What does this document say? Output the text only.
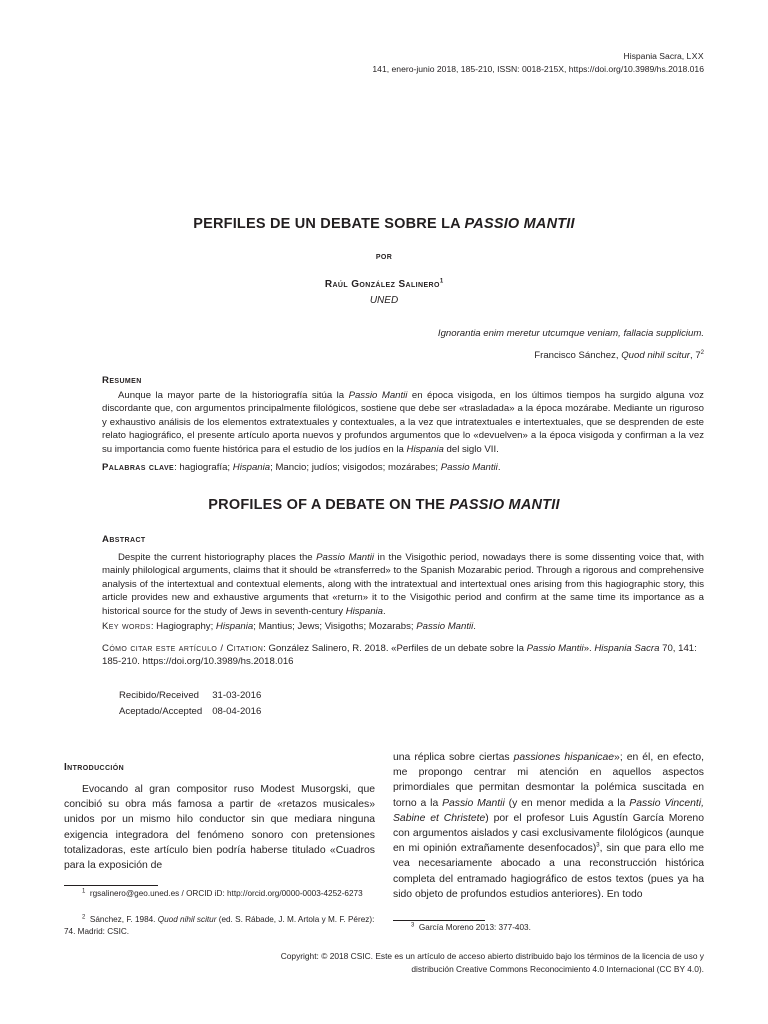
Hispania Sacra, LXX
141, enero-junio 2018, 185-210, ISSN: 0018-215X, https://doi.org/10.3989/hs.2018.016
PERFILES DE UN DEBATE SOBRE LA PASSIO MANTII
por
Raúl González Salinero$^1$
UNED
Ignorantia enim meretur utcumque veniam, fallacia supplicium.
Francisco Sánchez, Quod nihil scitur, $7^2$
Resumen

Aunque la mayor parte de la historiografía sitúa la Passio Mantii en época visigoda, en los últimos tiempos ha surgido alguna voz discordante que, con argumentos principalmente filológicos, sostiene que debe ser «trasladada» a la época mozárabe. Mediante un riguroso y exhaustivo análisis de los elementos extratextuales y contextuales, a la vez que intratextuales e intertextuales, que se desprenden de este relato hagiográfico, el presente artículo aporta nuevos y profundos argumentos que lo «devuelven» a la época visigoda y confirman a la vez su importancia como fuente histórica para el estudio de los judíos en la Hispania del siglo VII.

Palabras clave: hagiografía; Hispania; Mancio; judíos; visigodos; mozárabes; Passio Mantii.
PROFILES OF A DEBATE ON THE PASSIO MANTII
Abstract

Despite the current historiography places the Passio Mantii in the Visigothic period, nowadays there is some dissenting voice that, with mainly philological arguments, claims that it should be «transferred» to the Spanish Mozarabic period. Through a rigorous and comprehensive analysis of the intertextual and contextual elements, along with the intratextual and intertextual ones arising from this hagiographic story, this article provides new and exhaustive arguments that «return» it to the Visigothic period and confirm at the same time its importance as a historical source for the study of Jews in seventh-century Hispania.

Key words: Hagiography; Hispania; Mantius; Jews; Visigoths; Mozarabs; Passio Mantii.
Cómo citar este artículo / Citation: González Salinero, R. 2018. «Perfiles de un debate sobre la Passio Mantii». Hispania Sacra 70, 141: 185-210. https://doi.org/10.3989/hs.2018.016
Recibido/Received	31-03-2016
Aceptado/Accepted	08-04-2016
Introducción

Evocando al gran compositor ruso Modest Musorgski, que concibió su obra más famosa a partir de «retazos musicales» unidos por un mismo hilo conductor sin que mediara ninguna exigencia integradora del fenómeno sonoro con pretensiones totalizadoras, este artículo bien podría haberse titulado «Cuadros para la exposición de

una réplica sobre ciertas passiones hispanicae»; en él, en efecto, me propongo centrar mi atención en aquellos aspectos primordiales que permitan desmontar la polémica suscitada en torno a la Passio Mantii (y en menor medida a la Passio Vincenti, Sabine et Christete) por el profesor Luis Agustín García Moreno con argumentos aislados y casi exclusivamente filológicos (aunque en mi opinión extrañamente desenfocados)$^3$, sin que para ello me vea necesariamente abocado a una reconstrucción histórica completa del entramado hagiográfico de estos textos (pues ya ha sido objeto de profundos estudios anteriores). En todo

$^1$ rgsalinero@geo.uned.es / ORCID iD: http://orcid.org/0000-0003-4252-6273
$^2$ Sánchez, F. 1984. Quod nihil scitur (ed. S. Rábade, J. M. Artola y M. F. Pérez): 74. Madrid: CSIC.
$^3$ García Moreno 2013: 377-403.
Copyright: © 2018 CSIC. Este es un artículo de acceso abierto distribuido bajo los términos de la licencia de uso y distribución Creative Commons Reconocimiento 4.0 Internacional (CC BY 4.0).
